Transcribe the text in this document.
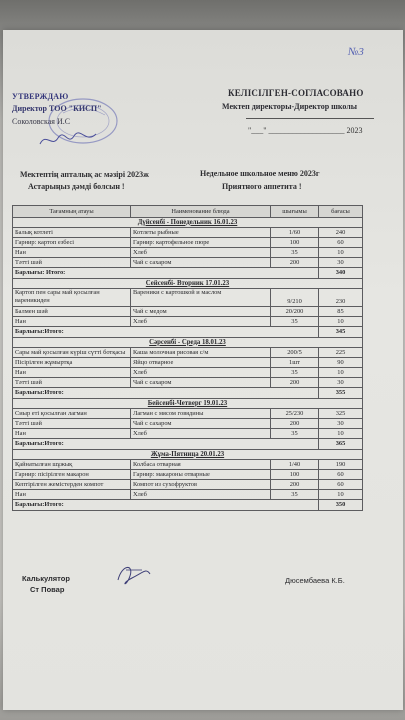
№3
УТВЕРЖДАЮ
Директор ТОО "КИСП"
Соколовская И.С
КЕЛІСІЛГЕН-СОГЛАСОВАНО
Мектеп директоры-Директор школы
"___" ___________________ 2023
Мектептің апталық ас мәзірі 2023ж
Астарыңыз дәмді болсын !
Недельное школьное меню 2023г
Приятного аппетита !
Тағамның атауы	Наименование блюда	шығымы	бағасы
Дүйсенбі - Понедельник 16.01.23			
Балық котлеті	Котлеты рыбные	1/60	240
Гарнир: картоп езбесі	Гарнир: картофельное пюре	100	60
Нан	Хлеб	35	10
Тәтті шәй	Чай с сахаром	200	30
Барлығы: Итого:			340
Сейсенбі- Вторник 17.01.23			
Картоп пен сары май қосылған вареникиден	Вареники с картошкой и маслом	9/210	230
Балмен шәй	Чай с медом	20/200	85
Нан	Хлеб	35	10
Барлығы:Итого:			345
Сәрсенбі - Среда 18.01.23			
Сары май қосылған күріш сүтті ботқасы	Каша молочная рисовая с/м	200/5	225
Пісірілген жұмыртқа	Яйцо отварное	1шт	90
Нан	Хлеб	35	10
Тәтті шәй	Чай с сахаром	200	30
Барлығы:Итого:			355
Бейсенбі-Четверг 19.01.23			
Сиыр еті қосылған лагман	Лагман с мясом говядины	25/230	325
Тәтті шәй	Чай с сахаром	200	30
Нан	Хлеб	35	10
Барлығы:Итого:			365
Жұма-Пятница 20.01.23			
Қайнатылған шұжық	Колбаса отварная	1/40	190
Гарнир: пісірілген макарон	Гарнир: макароны отварные	100	60
Кептірілген жемістерден компот	Компот из сухофруктов	200	60
Нан	Хлеб	35	10
Барлығы:Итого:			350
Калькулятор
Ст Повар
Дюсембаева К.Б.
